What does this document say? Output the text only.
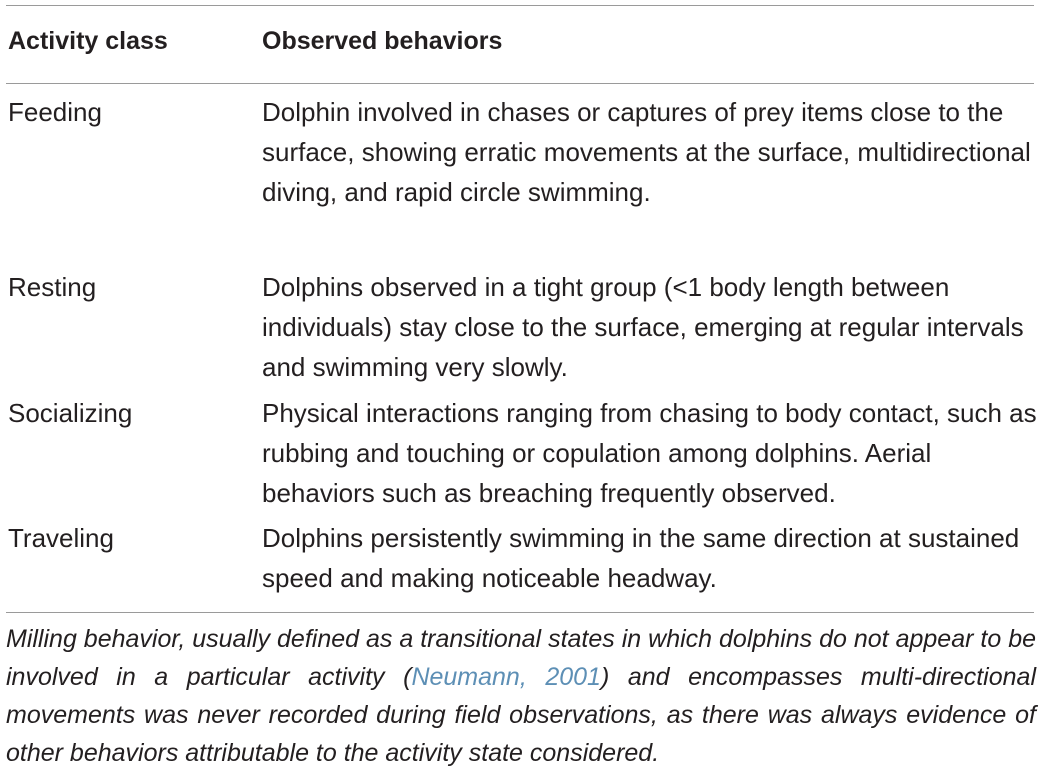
Activity class	Observed behaviors
Feeding	Dolphin involved in chases or captures of prey items close to the surface, showing erratic movements at the surface, multidirectional diving, and rapid circle swimming.
Resting	Dolphins observed in a tight group (<1 body length between individuals) stay close to the surface, emerging at regular intervals and swimming very slowly.
Socializing	Physical interactions ranging from chasing to body contact, such as rubbing and touching or copulation among dolphins. Aerial behaviors such as breaching frequently observed.
Traveling	Dolphins persistently swimming in the same direction at sustained speed and making noticeable headway.
Milling behavior, usually defined as a transitional states in which dolphins do not appear to be involved in a particular activity (Neumann, 2001) and encompasses multi-directional movements was never recorded during field observations, as there was always evidence of other behaviors attributable to the activity state considered.
